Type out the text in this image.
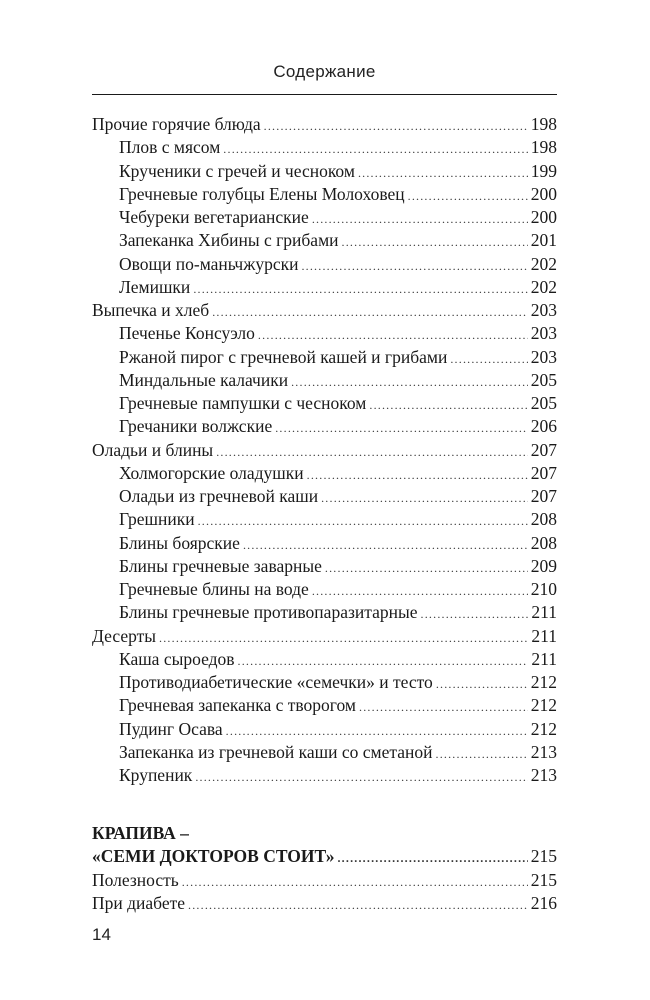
Содержание
Прочие горячие блюда .....	198
Плов с мясом .....	198
Крученики с гречей и чесноком .....	199
Гречневые голубцы Елены Молоховец .....	200
Чебуреки вегетарианские .....	200
Запеканка Хибины с грибами .....	201
Овощи по-маньчжурски .....	202
Лемишки .....	202
Выпечка и хлеб .....	203
Печенье Консуэло .....	203
Ржаной пирог с гречневой кашей и грибами .....	203
Миндальные калачики .....	205
Гречневые пампушки с чесноком .....	205
Гречаники волжские .....	206
Оладьи и блины .....	207
Холмогорские оладушки .....	207
Оладьи из гречневой каши .....	207
Грешники .....	208
Блины боярские .....	208
Блины гречневые заварные .....	209
Гречневые блины на воде .....	210
Блины гречневые противопаразитарные .....	211
Десерты .....	211
Каша сыроедов .....	211
Противодиабетические «семечки» и тесто .....	212
Гречневая запеканка с творогом .....	212
Пудинг Осава .....	212
Запеканка из гречневой каши со сметаной .....	213
Крупеник .....	213
КРАПИВА –
«СЕМИ ДОКТОРОВ СТОИТ» .....	215
Полезность .....	215
При диабете .....	216
14
